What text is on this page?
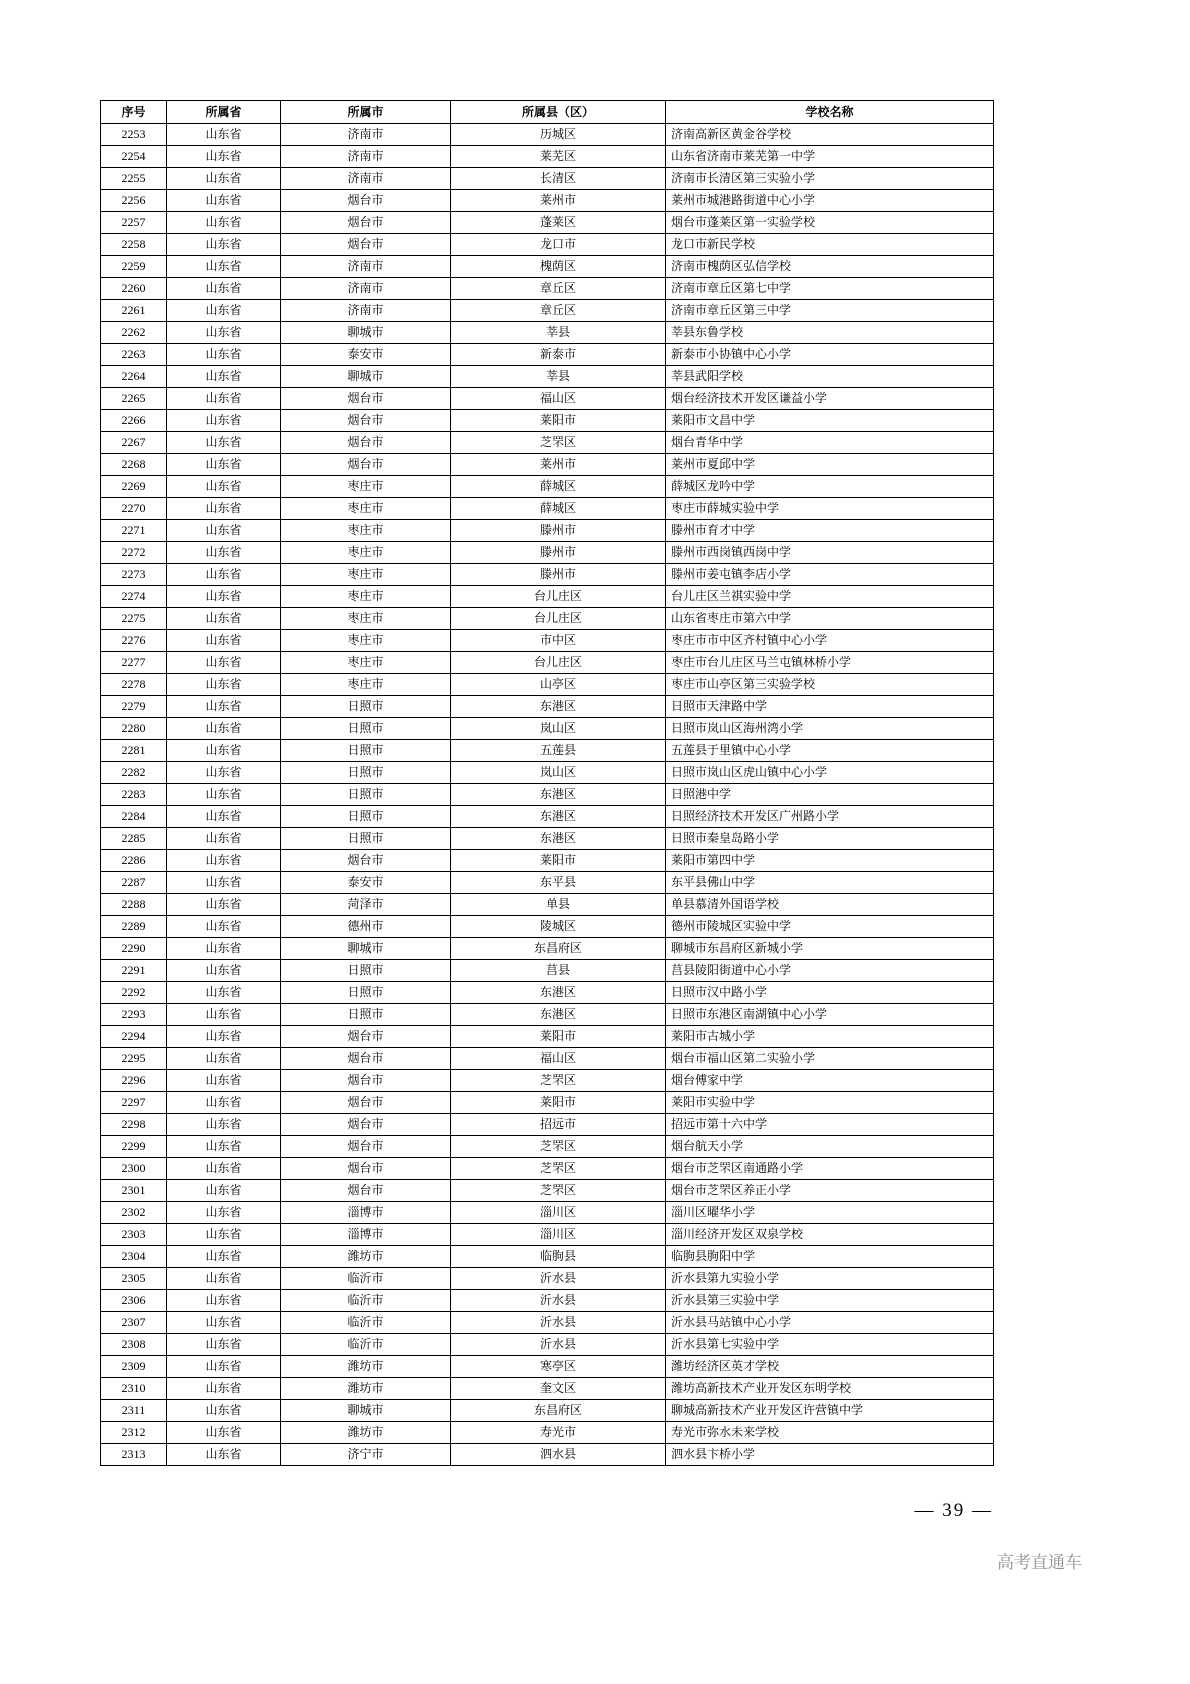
序号	所属省	所属市	所属县（区）	学校名称
2253	山东省	济南市	历城区	济南高新区黄金谷学校
2254	山东省	济南市	莱芜区	山东省济南市莱芜第一中学
2255	山东省	济南市	长清区	济南市长清区第三实验小学
2256	山东省	烟台市	莱州市	莱州市城港路街道中心小学
2257	山东省	烟台市	蓬莱区	烟台市蓬莱区第一实验学校
2258	山东省	烟台市	龙口市	龙口市新民学校
2259	山东省	济南市	槐荫区	济南市槐荫区弘信学校
2260	山东省	济南市	章丘区	济南市章丘区第七中学
2261	山东省	济南市	章丘区	济南市章丘区第三中学
2262	山东省	聊城市	莘县	莘县东鲁学校
2263	山东省	泰安市	新泰市	新泰市小协镇中心小学
2264	山东省	聊城市	莘县	莘县武阳学校
2265	山东省	烟台市	福山区	烟台经济技术开发区谦益小学
2266	山东省	烟台市	莱阳市	莱阳市文昌中学
2267	山东省	烟台市	芝罘区	烟台青华中学
2268	山东省	烟台市	莱州市	莱州市夏邱中学
2269	山东省	枣庄市	薛城区	薛城区龙吟中学
2270	山东省	枣庄市	薛城区	枣庄市薛城实验中学
2271	山东省	枣庄市	滕州市	滕州市育才中学
2272	山东省	枣庄市	滕州市	滕州市西岗镇西岗中学
2273	山东省	枣庄市	滕州市	滕州市姜屯镇李店小学
2274	山东省	枣庄市	台儿庄区	台儿庄区兰祺实验中学
2275	山东省	枣庄市	台儿庄区	山东省枣庄市第六中学
2276	山东省	枣庄市	市中区	枣庄市市中区齐村镇中心小学
2277	山东省	枣庄市	台儿庄区	枣庄市台儿庄区马兰屯镇林桥小学
2278	山东省	枣庄市	山亭区	枣庄市山亭区第三实验学校
2279	山东省	日照市	东港区	日照市天津路中学
2280	山东省	日照市	岚山区	日照市岚山区海州湾小学
2281	山东省	日照市	五莲县	五莲县于里镇中心小学
2282	山东省	日照市	岚山区	日照市岚山区虎山镇中心小学
2283	山东省	日照市	东港区	日照港中学
2284	山东省	日照市	东港区	日照经济技术开发区广州路小学
2285	山东省	日照市	东港区	日照市秦皇岛路小学
2286	山东省	烟台市	莱阳市	莱阳市第四中学
2287	山东省	泰安市	东平县	东平县佛山中学
2288	山东省	菏泽市	单县	单县慕清外国语学校
2289	山东省	德州市	陵城区	德州市陵城区实验中学
2290	山东省	聊城市	东昌府区	聊城市东昌府区新城小学
2291	山东省	日照市	莒县	莒县陵阳街道中心小学
2292	山东省	日照市	东港区	日照市汉中路小学
2293	山东省	日照市	东港区	日照市东港区南湖镇中心小学
2294	山东省	烟台市	莱阳市	莱阳市古城小学
2295	山东省	烟台市	福山区	烟台市福山区第二实验小学
2296	山东省	烟台市	芝罘区	烟台傅家中学
2297	山东省	烟台市	莱阳市	莱阳市实验中学
2298	山东省	烟台市	招远市	招远市第十六中学
2299	山东省	烟台市	芝罘区	烟台航天小学
2300	山东省	烟台市	芝罘区	烟台市芝罘区南通路小学
2301	山东省	烟台市	芝罘区	烟台市芝罘区养正小学
2302	山东省	淄博市	淄川区	淄川区曜华小学
2303	山东省	淄博市	淄川区	淄川经济开发区双泉学校
2304	山东省	潍坊市	临朐县	临朐县朐阳中学
2305	山东省	临沂市	沂水县	沂水县第九实验小学
2306	山东省	临沂市	沂水县	沂水县第三实验中学
2307	山东省	临沂市	沂水县	沂水县马站镇中心小学
2308	山东省	临沂市	沂水县	沂水县第七实验中学
2309	山东省	潍坊市	寒亭区	潍坊经济区英才学校
2310	山东省	潍坊市	奎文区	潍坊高新技术产业开发区东明学校
2311	山东省	聊城市	东昌府区	聊城高新技术产业开发区许营镇中学
2312	山东省	潍坊市	寿光市	寿光市弥水未来学校
2313	山东省	济宁市	泗水县	泗水县卞桥小学
— 39 —
高考直通车
